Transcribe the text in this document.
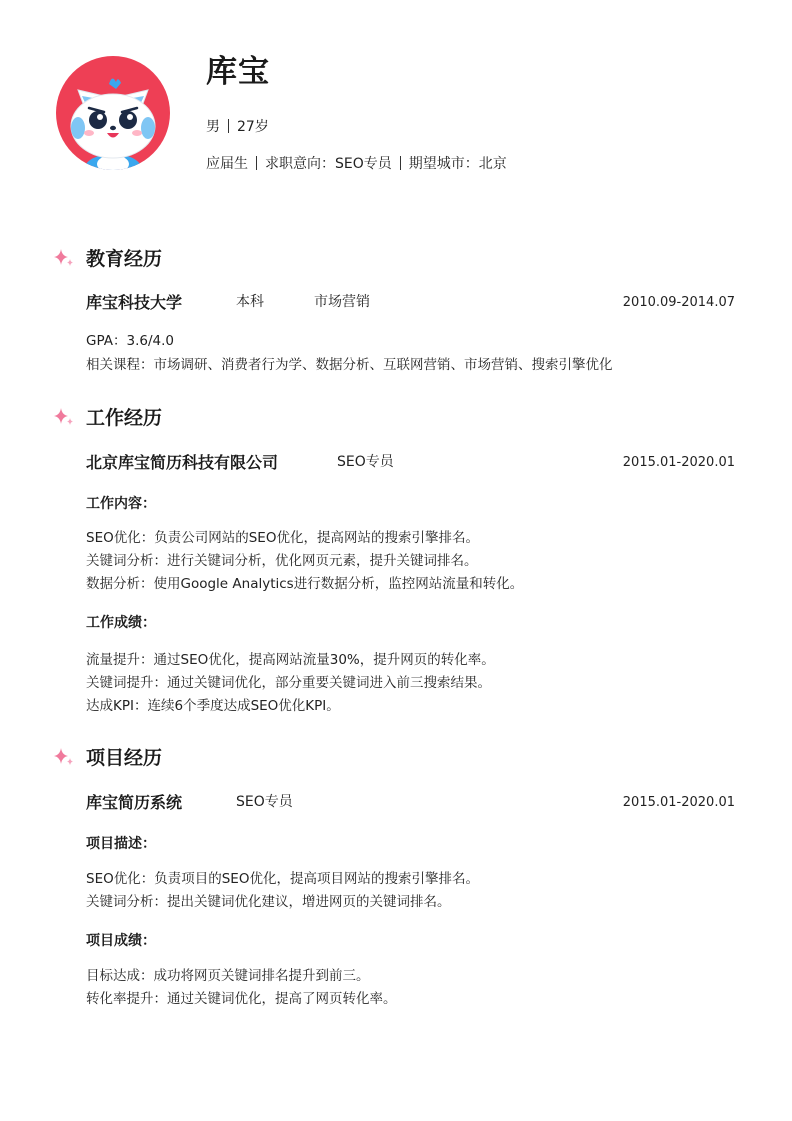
库宝
男 27岁
应届生 求职意向：SEO专员 期望城市：北京
教育经历
库宝科技大学	本科	市场营销	2010.09-2014.07
GPA：3.6/4.0
相关课程：市场调研、消费者行为学、数据分析、互联网营销、市场营销、搜索引擎优化
工作经历
北京库宝简历科技有限公司	SEO专员	2015.01-2020.01
工作内容：
SEO优化：负责公司网站的SEO优化，提高网站的搜索引擎排名。
关键词分析：进行关键词分析，优化网页元素，提升关键词排名。
数据分析：使用Google Analytics进行数据分析，监控网站流量和转化。
工作成绩：
流量提升：通过SEO优化，提高网站流量30%，提升网页的转化率。
关键词提升：通过关键词优化，部分重要关键词进入前三搜索结果。
达成KPI：连续6个季度达成SEO优化KPI。
项目经历
库宝简历系统	SEO专员	2015.01-2020.01
项目描述：
SEO优化：负责项目的SEO优化，提高项目网站的搜索引擎排名。
关键词分析：提出关键词优化建议，增进网页的关键词排名。
项目成绩：
目标达成：成功将网页关键词排名提升到前三。
转化率提升：通过关键词优化，提高了网页转化率。
